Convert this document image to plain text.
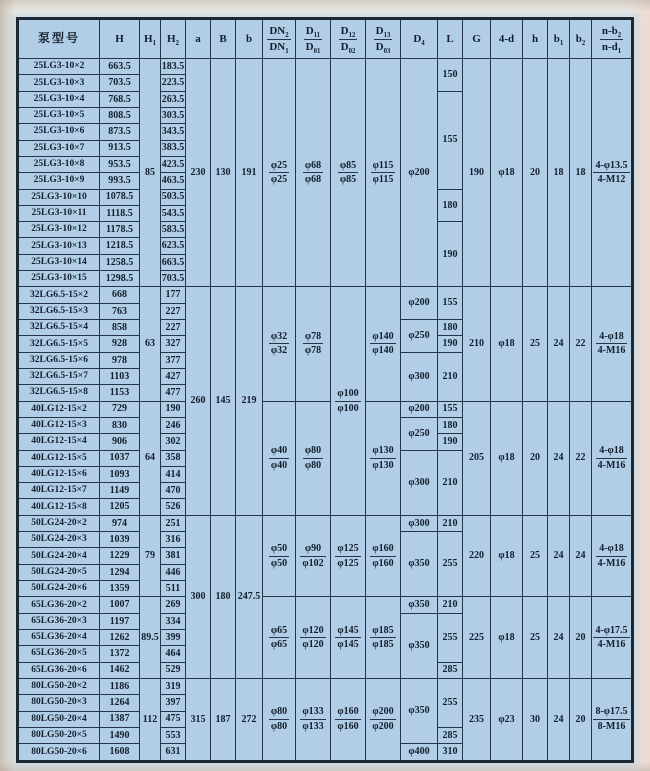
泵型号	H	$H_1$	$H_2$	a	B	b	$\frac{DN_2}{DN_1}$	$\frac{D_{11}}{D_{01}}$	$\frac{D_{12}}{D_{02}}$	$\frac{D_{13}}{D_{03}}$	$D_4$	L	G	4-d	h	$b_1$	$b_2$	$\frac{n-b_2}{n-d_1}$

25LG3-10×2	663.5	85	183.5	230	130	191	$\frac{\varphi 25}{\varphi 25}$	$\frac{\varphi 68}{\varphi 68}$	$\frac{\varphi 85}{\varphi 85}$	$\frac{\varphi 115}{\varphi 115}$	φ200	150	190	φ18	20	18	18	$\frac{4-\varphi 13.5}{4-M12}$

25LG3-10×3	703.5		223.5															
25LG3-10×4	768.5		263.5									155						
25LG3-10×5	808.5		303.5															
25LG3-10×6	873.5		343.5															
25LG3-10×7	913.5		383.5															
25LG3-10×8	953.5		423.5															
25LG3-10×9	993.5		463.5															
25LG3-10×10	1078.5		503.5									180						
25LG3-10×11	1118.5		543.5															
25LG3-10×12	1178.5		583.5									190						
25LG3-10×13	1218.5		623.5															
25LG3-10×14	1258.5		663.5															
25LG3-10×15	1298.5		703.5															
32LG6.5-15×2	668	63	177	260	145	219	$\frac{\varphi 32}{\varphi 32}$	$\frac{\varphi 78}{\varphi 78}$	$\frac{\varphi 100}{\varphi 100}$	$\frac{\varphi 140}{\varphi 140}$	φ200	155	210	φ18	25	24	22	$\frac{4-\varphi 18}{4-M16}$

32LG6.5-15×3	763		227															
32LG6.5-15×4	858		227								φ250	180						
32LG6.5-15×5	928		327									190						
32LG6.5-15×6	978		377								φ300	210						
32LG6.5-15×7	1103		427															
32LG6.5-15×8	1153		477															
40LG12-15×2	729	64	190				$\frac{\varphi 40}{\varphi 40}$	$\frac{\varphi 80}{\varphi 80}$		$\frac{\varphi 130}{\varphi 130}$	φ200	155	205	φ18	20	24	22	$\frac{4-\varphi 18}{4-M16}$

40LG12-15×3	830		246								φ250	180						
40LG12-15×4	906		302									190						
40LG12-15×5	1037		358								φ300	210						
40LG12-15×6	1093		414															
40LG12-15×7	1149		470															
40LG12-15×8	1205		526															
50LG24-20×2	974	79	251	300	180	247.5	$\frac{\varphi 50}{\varphi 50}$	$\frac{\varphi 90}{\varphi 102}$	$\frac{\varphi 125}{\varphi 125}$	$\frac{\varphi 160}{\varphi 160}$	φ300	210	220	φ18	25	24	24	$\frac{4-\varphi 18}{4-M16}$

50LG24-20×3	1039		316								φ350	255						
50LG24-20×4	1229		381															
50LG24-20×5	1294		446															
50LG24-20×6	1359		511															
65LG36-20×2	1007	89.5	269				$\frac{\varphi 65}{\varphi 65}$	$\frac{\varphi 120}{\varphi 120}$	$\frac{\varphi 145}{\varphi 145}$	$\frac{\varphi 185}{\varphi 185}$	φ350	210	225	φ18	25	24	20	$\frac{4-\varphi 17.5}{4-M16}$

65LG36-20×3	1197		334								φ350	255						
65LG36-20×4	1262		399															
65LG36-20×5	1372		464															
65LG36-20×6	1462		529									285						
80LG50-20×2	1186	112	319	315	187	272	$\frac{\varphi 80}{\varphi 80}$	$\frac{\varphi 133}{\varphi 133}$	$\frac{\varphi 160}{\varphi 160}$	$\frac{\varphi 200}{\varphi 200}$	φ350	255	235	φ23	30	24	20	$\frac{8-\varphi 17.5}{8-M16}$

80LG50-20×3	1264		397															
80LG50-20×4	1387		475															
80LG50-20×5	1490		553									285						
80LG50-20×6	1608		631								φ400	310						
